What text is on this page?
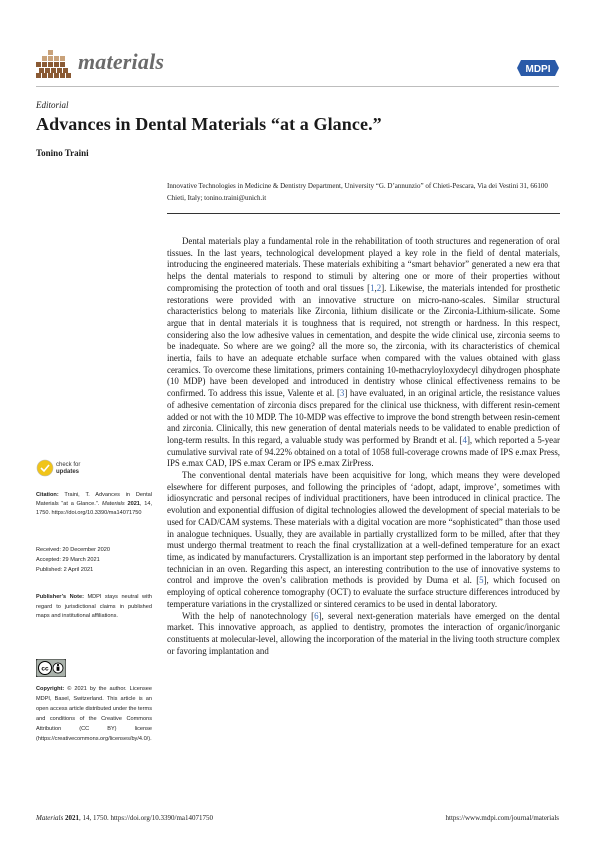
materials	MDPI
Editorial
Advances in Dental Materials “at a Glance.”
Tonino Traini
Innovative Technologies in Medicine & Dentistry Department, University “G. D’annunzio” of Chieti-Pescara, Via dei Vestini 31, 66100 Chieti, Italy; tonino.traini@unich.it

Dental materials play a fundamental role in the rehabilitation of tooth structures and regeneration of oral tissues. In the last years, technological development played a key role in the field of dental materials, introducing the engineered materials. These materials exhibiting a “smart behavior” generated a new era that helps the dental materials to respond to stimuli by altering one or more of their properties without compromising the protection of tooth and oral tissues [1,2]. Likewise, the materials intended for prosthetic restorations were provided with an innovative structure on micro-nano-scales. Similar structural characteristics belong to materials like Zirconia, lithium disilicate or the Zirconia-Lithium-silicate. Some argue that in dental materials it is toughness that is required, not strength or hardness. In this respect, considering also the low adhesive values in cementation, and despite the wide clinical use, zirconia seems to be inadequate. So where are we going? all the more so, the zirconia, with its characteristics of chemical inertia, fails to have an adequate etchable surface when compared with the values obtained with glass ceramics. To overcome these limitations, primers containing 10-methacryloyloxydecyl dihydrogen phosphate (10 MDP) have been developed and introduced in dentistry whose clinical effectiveness remains to be confirmed. To address this issue, Valente et al. [3] have evaluated, in an original article, the resistance values of adhesive cementation of zirconia discs prepared for the clinical use thickness, with different resin-cement added or not with the 10 MDP. The 10-MDP was effective to improve the bond strength between resin-cement and zirconia. Clinically, this new generation of dental materials needs to be validated to enable prediction of long-term results. In this regard, a valuable study was performed by Brandt et al. [4], which reported a 5-year cumulative survival rate of 94.22% obtained on a total of 1058 full-coverage crowns made of IPS e.max Press, IPS e.max CAD, IPS e.max Ceram or IPS e.max ZirPress.

The conventional dental materials have been acquisitive for long, which means they were developed elsewhere for different purposes, and following the principles of ‘adopt, adapt, improve’, sometimes with idiosyncratic and personal recipes of individual practitioners, have been introduced in clinical practice. The evolution and exponential diffusion of digital technologies allowed the development of special materials to be used for CAD/CAM systems. These materials with a digital vocation are more “sophisticated” than those used in analogue techniques. Usually, they are available in partially crystallized form to be milled, after that they must undergo thermal treatment to reach the final crystallization at a well-defined temperature for an exact time, as indicated by manufacturers. Crystallization is an important step performed in the laboratory by dental technician in an oven. Regarding this aspect, an interesting contribution to the use of innovative systems to control and improve the oven’s calibration methods is provided by Duma et al. [5], which focused on employing of optical coherence tomography (OCT) to evaluate the surface structure differences introduced by temperature variations in the crystallized or sintered ceramics to be used in dental laboratory.

With the help of nanotechnology [6], several next-generation materials have emerged on the dental market. This innovative approach, as applied to dentistry, promotes the interaction of organic/inorganic constituents at molecular-level, allowing the incorporation of the material in the living tooth structure complex or favoring implantation and

check for
updates
Citation: Traini, T. Advances in Dental Materials “at a Glance.”. Materials 2021, 14, 1750. https://doi.org/10.3390/ma14071750
Received: 20 December 2020
Accepted: 29 March 2021
Published: 2 April 2021
Publisher’s Note: MDPI stays neutral with regard to jurisdictional claims in published maps and institutional affiliations.
cc
Copyright: © 2021 by the author. Licensee MDPI, Basel, Switzerland. This article is an open access article distributed under the terms and conditions of the Creative Commons Attribution (CC BY) license (https://creativecommons.org/licenses/by/4.0/).
Materials 2021, 14, 1750. https://doi.org/10.3390/ma14071750	https://www.mdpi.com/journal/materials
